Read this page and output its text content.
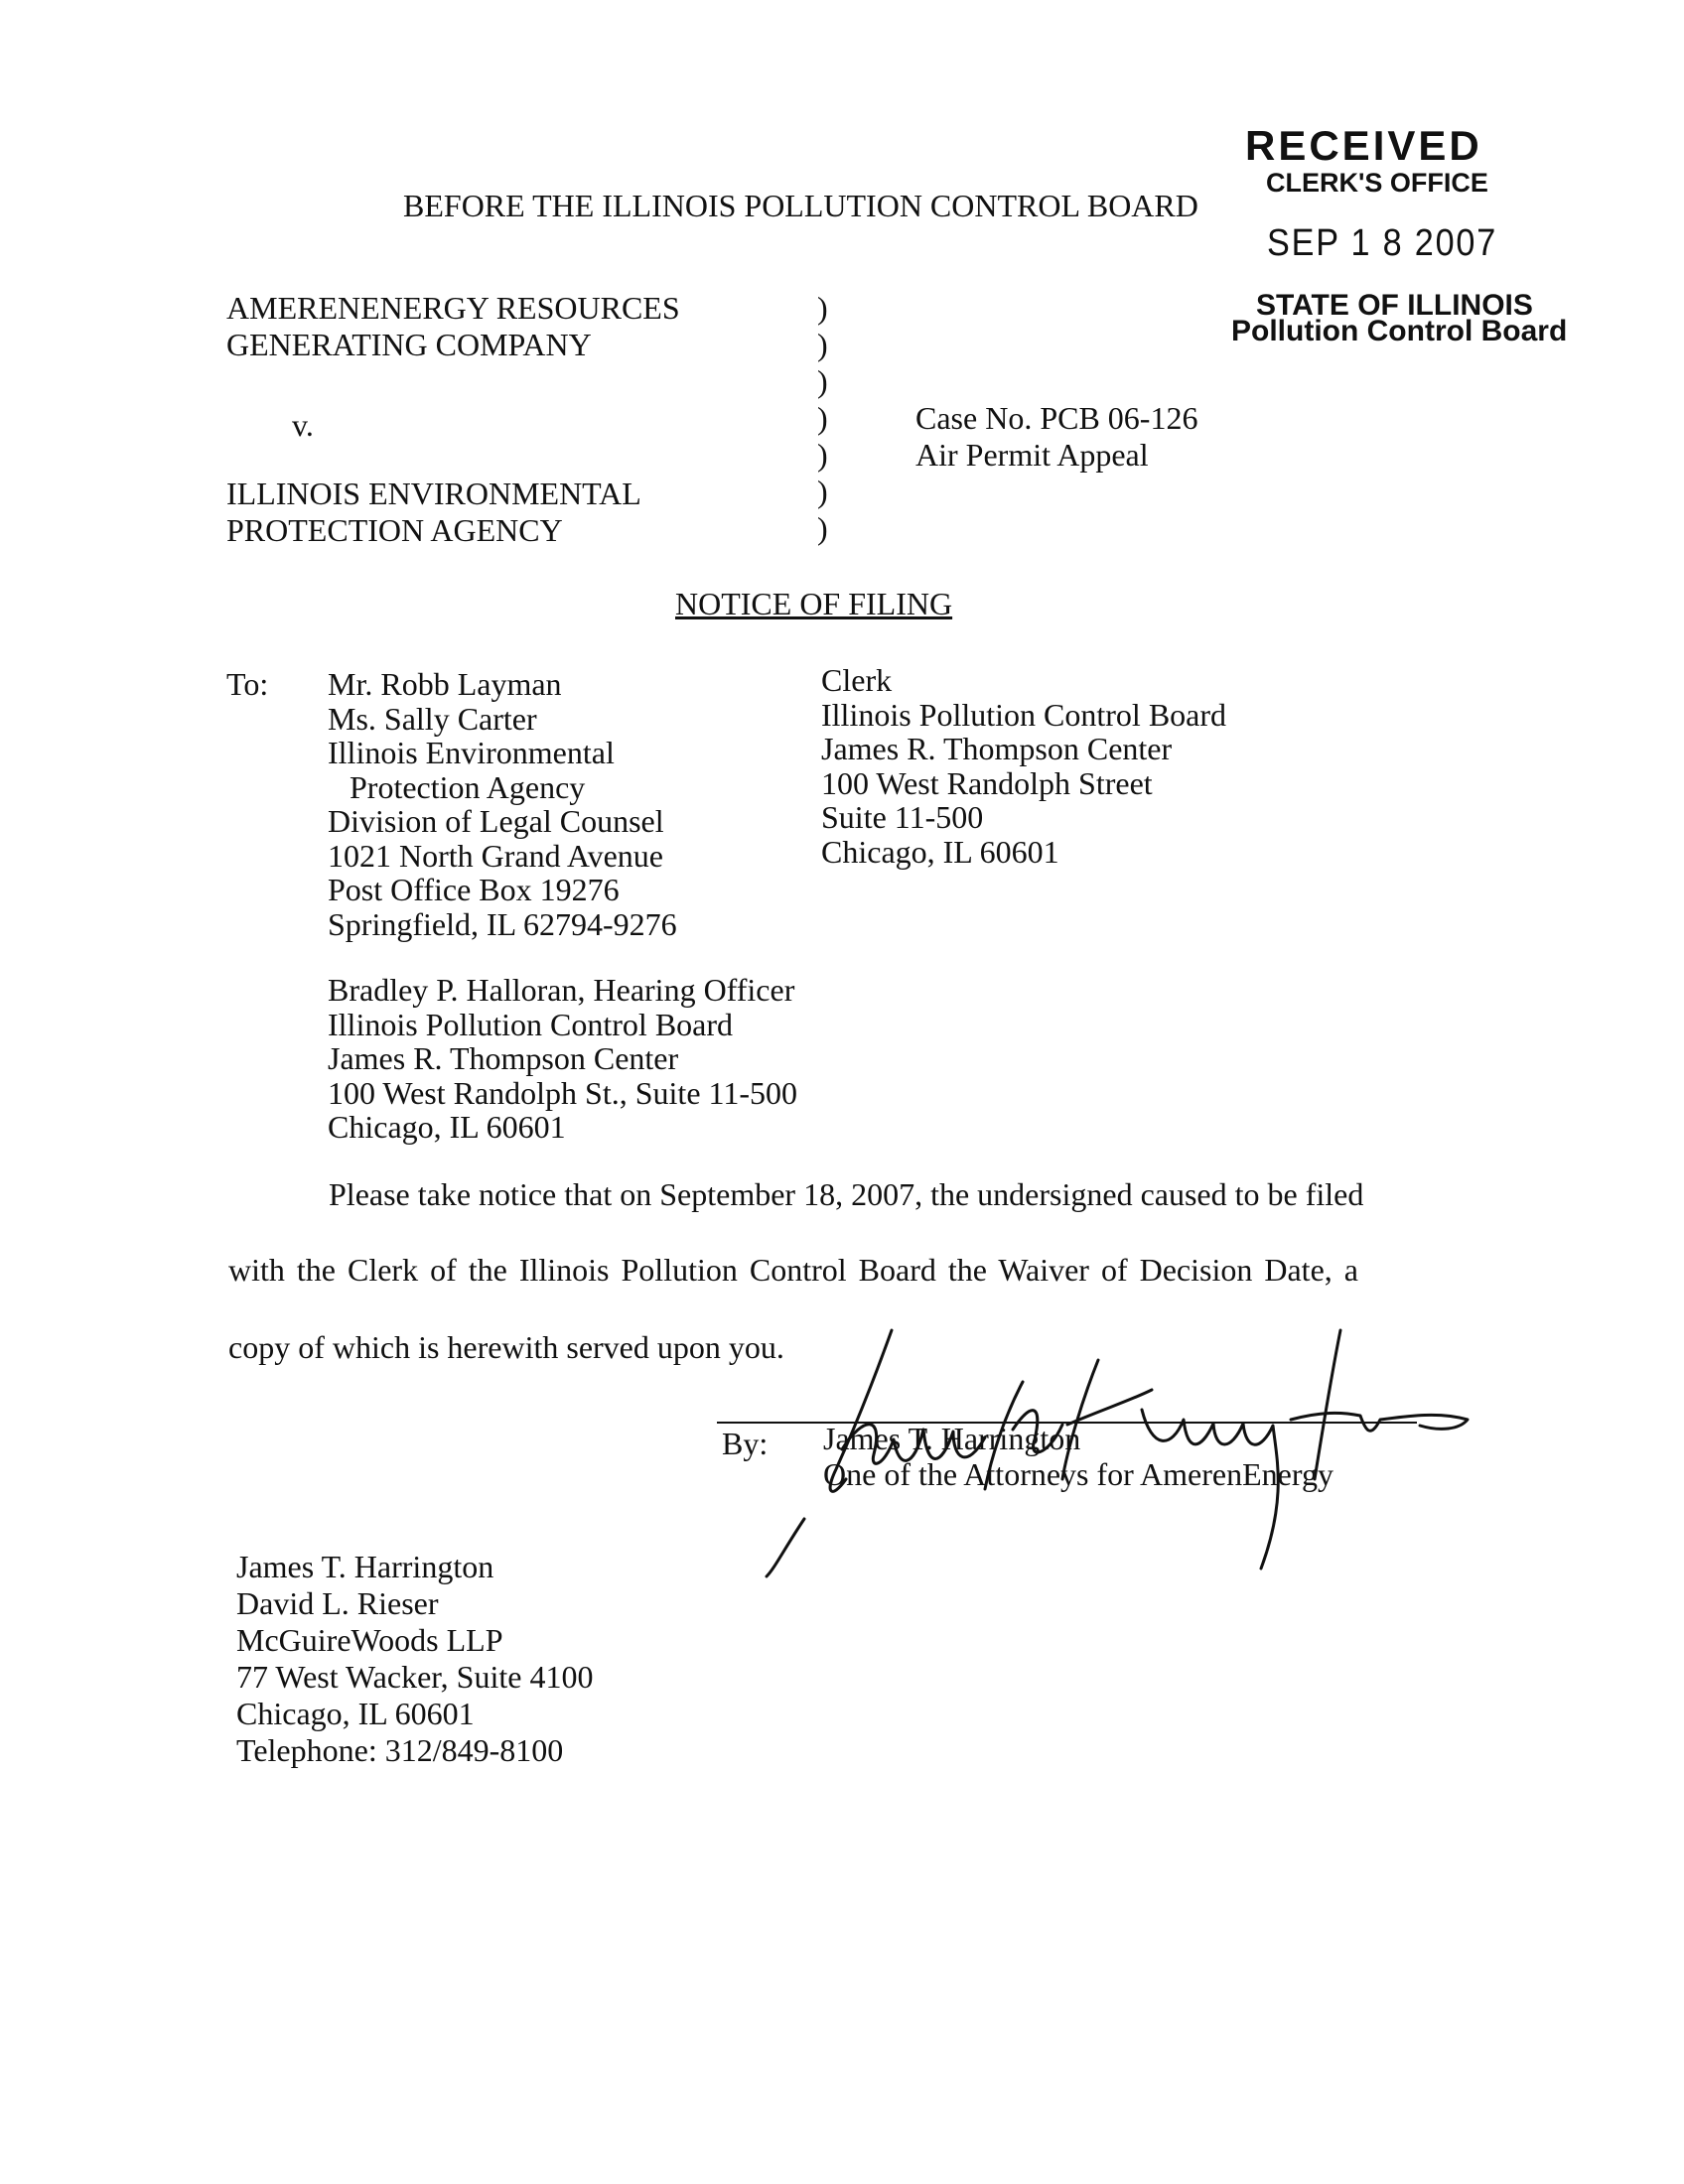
RECEIVED
CLERK'S OFFICE
SEP 1 8 2007
STATE OF ILLINOIS
Pollution Control Board
BEFORE THE ILLINOIS POLLUTION CONTROL BOARD
AMERENENERGY RESOURCES
GENERATING COMPANY
v.
ILLINOIS ENVIRONMENTAL
PROTECTION AGENCY
)
)
)
)
)
)
)
Case No. PCB 06-126
Air Permit Appeal
NOTICE OF FILING
To: Mr. Robb Layman
Ms. Sally Carter
Illinois Environmental
Protection Agency
Division of Legal Counsel
1021 North Grand Avenue
Post Office Box 19276
Springfield, IL 62794-9276
Clerk
Illinois Pollution Control Board
James R. Thompson Center
100 West Randolph Street
Suite 11-500
Chicago, IL 60601
Bradley P. Halloran, Hearing Officer
Illinois Pollution Control Board
James R. Thompson Center
100 West Randolph St., Suite 11-500
Chicago, IL 60601
Please take notice that on September 18, 2007, the undersigned caused to be filed
with the Clerk of the Illinois Pollution Control Board the Waiver of Decision Date, a
copy of which is herewith served upon you.
By: James T. Harrington
One of the Attorneys for AmerenEnergy
James T. Harrington
David L. Rieser
McGuireWoods LLP
77 West Wacker, Suite 4100
Chicago, IL 60601
Telephone: 312/849-8100
